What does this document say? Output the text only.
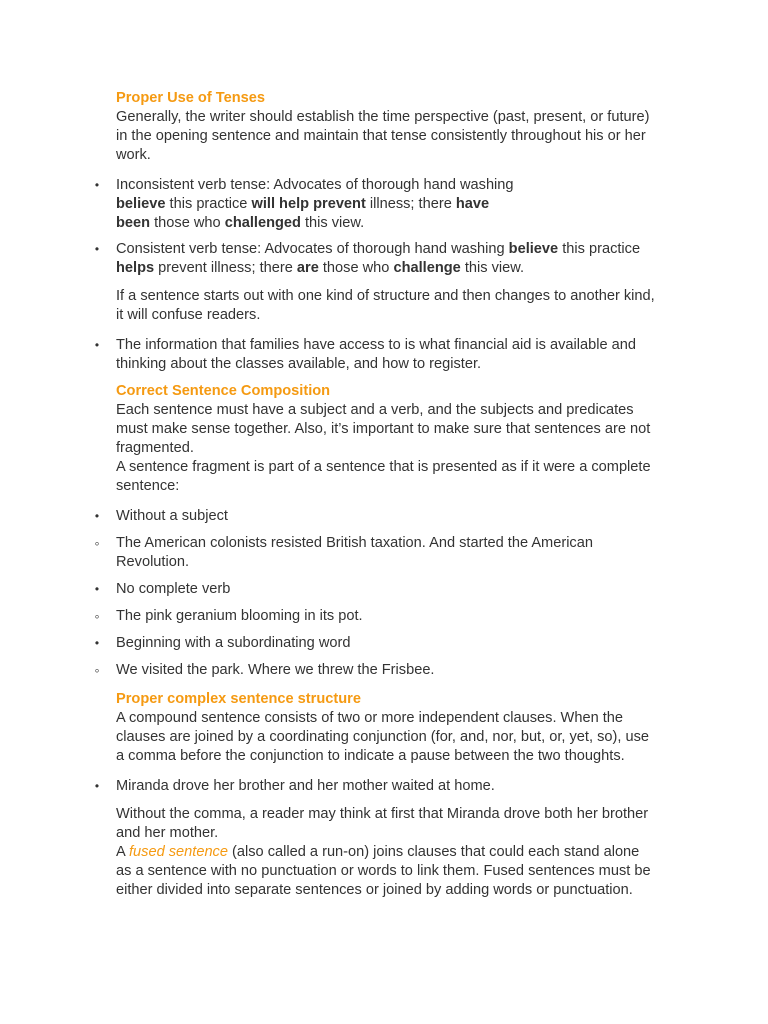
Proper Use of Tenses

Generally, the writer should establish the time perspective (past, present, or future) in the opening sentence and maintain that tense consistently throughout his or her work.

•
Inconsistent verb tense: Advocates of thorough hand washing believe this practice will help prevent illness; there have been those who challenged this view.
•
Consistent verb tense: Advocates of thorough hand washing believe this practice helps prevent illness; there are those who challenge this view.

If a sentence starts out with one kind of structure and then changes to another kind, it will confuse readers.

•
The information that families have access to is what financial aid is available and thinking about the classes available, and how to register.

Correct Sentence Composition

Each sentence must have a subject and a verb, and the subjects and predicates must make sense together. Also, it’s important to make sure that sentences are not fragmented.

A sentence fragment is part of a sentence that is presented as if it were a complete sentence:

•
Without a subject
◦
The American colonists resisted British taxation. And started the American Revolution.
•
No complete verb
◦
The pink geranium blooming in its pot.
•
Beginning with a subordinating word
◦
We visited the park. Where we threw the Frisbee.

Proper complex sentence structure

A compound sentence consists of two or more independent clauses. When the clauses are joined by a coordinating conjunction (for, and, nor, but, or, yet, so), use a comma before the conjunction to indicate a pause between the two thoughts.

•
Miranda drove her brother and her mother waited at home.

Without the comma, a reader may think at first that Miranda drove both her brother and her mother.

A fused sentence (also called a run-on) joins clauses that could each stand alone as a sentence with no punctuation or words to link them. Fused sentences must be either divided into separate sentences or joined by adding words or punctuation.
